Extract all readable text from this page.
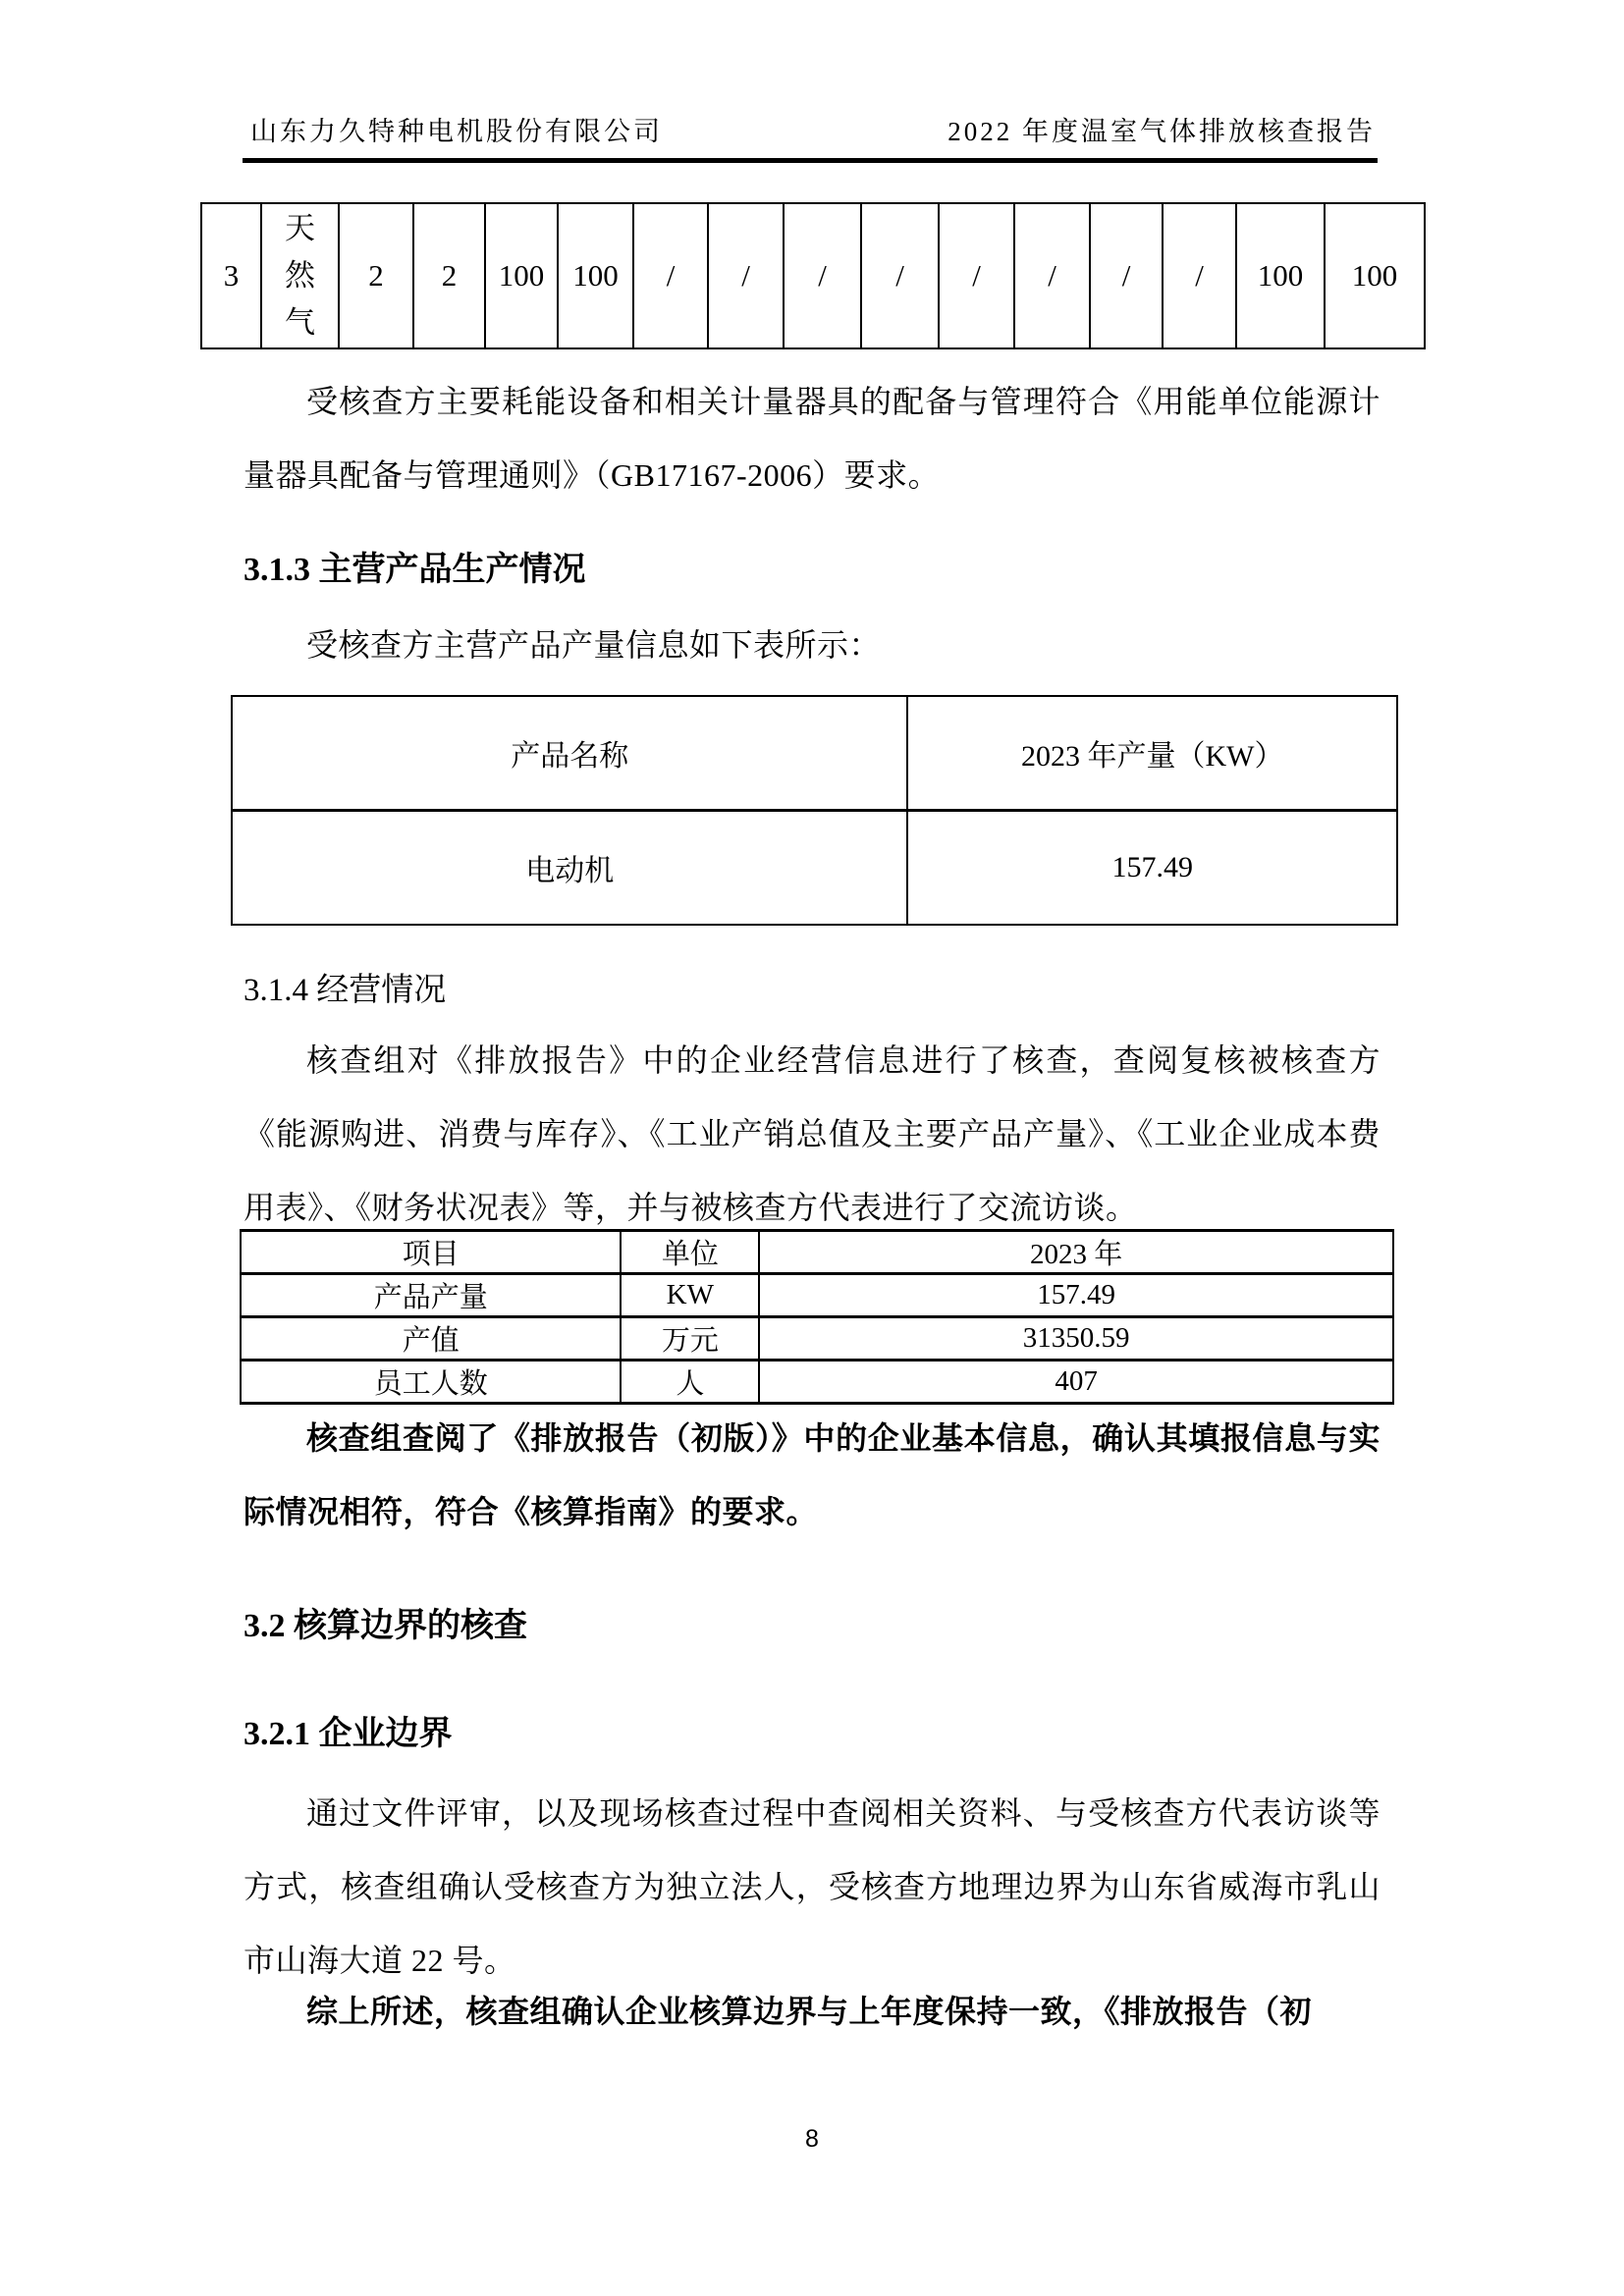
山东力久特种电机股份有限公司	2022 年度温室气体排放核查报告
3	天然气	2	2	100	100	/	/	/	/	/	/	/	/	100	100

受核查方主要耗能设备和相关计量器具的配备与管理符合《用能单位能源计量器具配备与管理通则》（GB17167-2006）要求。

3.1.3 主营产品生产情况

受核查方主营产品产量信息如下表所示：

产品名称	2023 年产量（KW）
电动机	157.49
3.1.4 经营情况

核查组对《排放报告》中的企业经营信息进行了核查，查阅复核被核查方《能源购进、消费与库存》、《工业产销总值及主要产品产量》、《工业企业成本费用表》、《财务状况表》等，并与被核查方代表进行了交流访谈。

项目	单位	2023 年
产品产量	KW	157.49
产值	万元	31350.59
员工人数	人	407

核查组查阅了《排放报告（初版）》中的企业基本信息，确认其填报信息与实际情况相符，符合《核算指南》的要求。

3.2 核算边界的核查
3.2.1 企业边界

通过文件评审，以及现场核查过程中查阅相关资料、与受核查方代表访谈等方式，核查组确认受核查方为独立法人，受核查方地理边界为山东省威海市乳山市山海大道 22 号。

综上所述，核查组确认企业核算边界与上年度保持一致，《排放报告（初

8
